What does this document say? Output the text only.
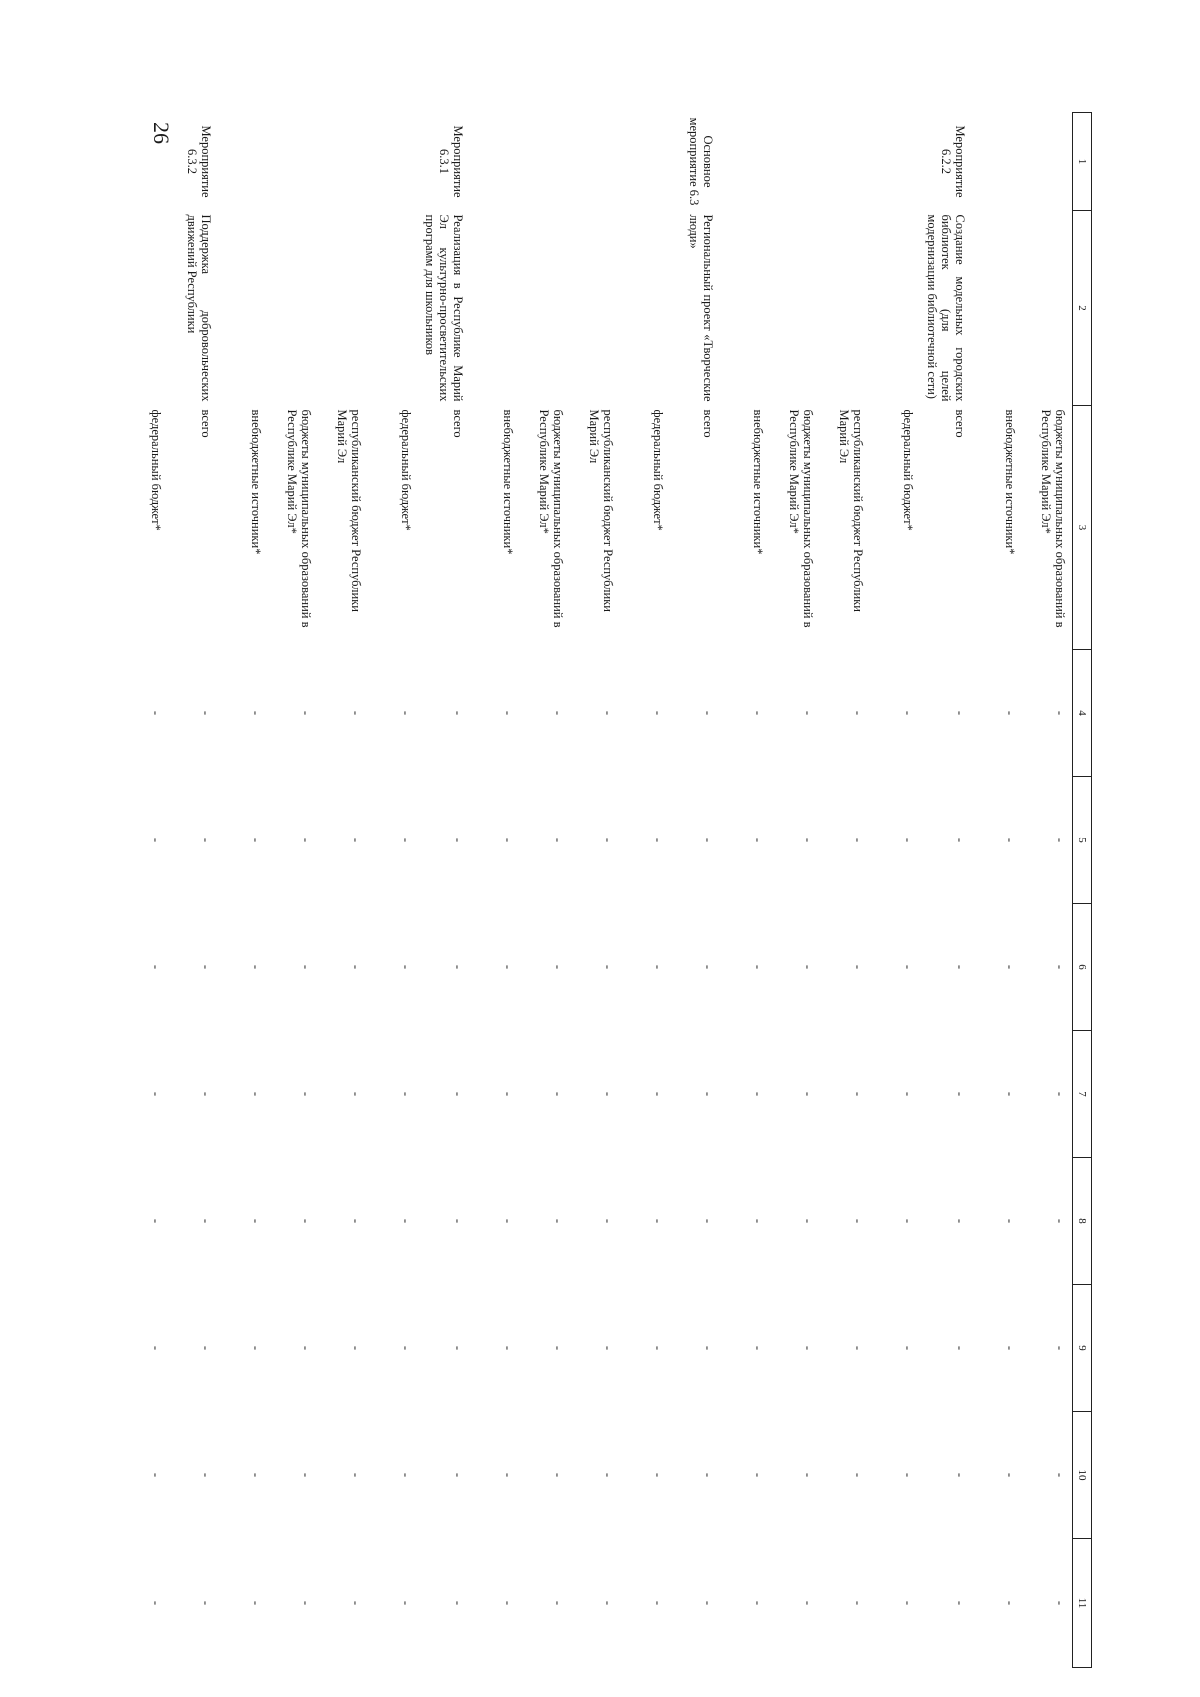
26
1	2	3	4	5	6	7	8	9	10	11
		бюджеты муниципальных образований в Республике Марий Эл*	-	-	-	-	-	-	-	-
		внебюджетные источники*	-	-	-	-	-	-	-	-
Мероприятие 6.2.2	Создание модельных городских библиотек (для целей модернизации библиотечной сети)	всего	-	-	-	-	-	-	-	-
		федеральный бюджет*	-	-	-	-	-	-	-	-
		республиканский бюджет Республики Марий Эл	-	-	-	-	-	-	-	-
		бюджеты муниципальных образований в Республике Марий Эл*	-	-	-	-	-	-	-	-
		внебюджетные источники*	-	-	-	-	-	-	-	-
Основное мероприятие 6.3	Региональный проект «Творческие люди»	всего	-	-	-	-	-	-	-	-
		федеральный бюджет*	-	-	-	-	-	-	-	-
		республиканский бюджет Республики Марий Эл	-	-	-	-	-	-	-	-
		бюджеты муниципальных образований в Республике Марий Эл*	-	-	-	-	-	-	-	-
		внебюджетные источники*	-	-	-	-	-	-	-	-
Мероприятие 6.3.1	Реализация в Республике Марий Эл культурно-просветительских программ для школьников	всего	-	-	-	-	-	-	-	-
		федеральный бюджет*	-	-	-	-	-	-	-	-
		республиканский бюджет Республики Марий Эл	-	-	-	-	-	-	-	-
		бюджеты муниципальных образований в Республике Марий Эл*	-	-	-	-	-	-	-	-
		внебюджетные источники*	-	-	-	-	-	-	-	-
Мероприятие 6.3.2	Поддержка добровольческих движений Республики	всего	-	-	-	-	-	-	-	-
		федеральный бюджет*	-	-	-	-	-	-	-	-
